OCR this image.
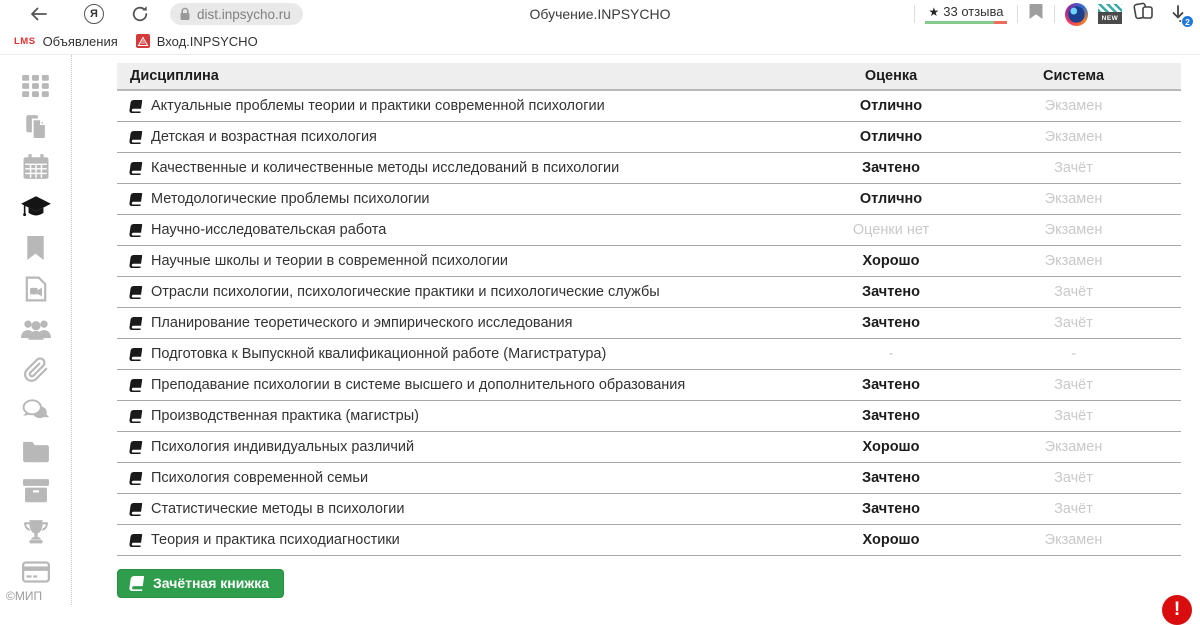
Я	dist.inpsycho.ru	Обучение.INPSYCHO	★ 33 отзыва	NEW	2
LMS Объявления	Вход.INPSYCHO
©МИП
Дисциплина	Оценка	Система
Актуальные проблемы теории и практики современной психологии	Отлично	Экзамен
Детская и возрастная психология	Отлично	Экзамен
Качественные и количественные методы исследований в психологии	Зачтено	Зачёт
Методологические проблемы психологии	Отлично	Экзамен
Научно-исследовательская работа	Оценки нет	Экзамен
Научные школы и теории в современной психологии	Хорошо	Экзамен
Отрасли психологии, психологические практики и психологические службы	Зачтено	Зачёт
Планирование теоретического и эмпирического исследования	Зачтено	Зачёт
Подготовка к Выпускной квалификационной работе (Магистратура)	-	-
Преподавание психологии в системе высшего и дополнительного образования	Зачтено	Зачёт
Производственная практика (магистры)	Зачтено	Зачёт
Психология индивидуальных различий	Хорошо	Экзамен
Психология современной семьи	Зачтено	Зачёт
Статистические методы в психологии	Зачтено	Зачёт
Теория и практика психодиагностики	Хорошо	Экзамен
Зачётная книжка
!
